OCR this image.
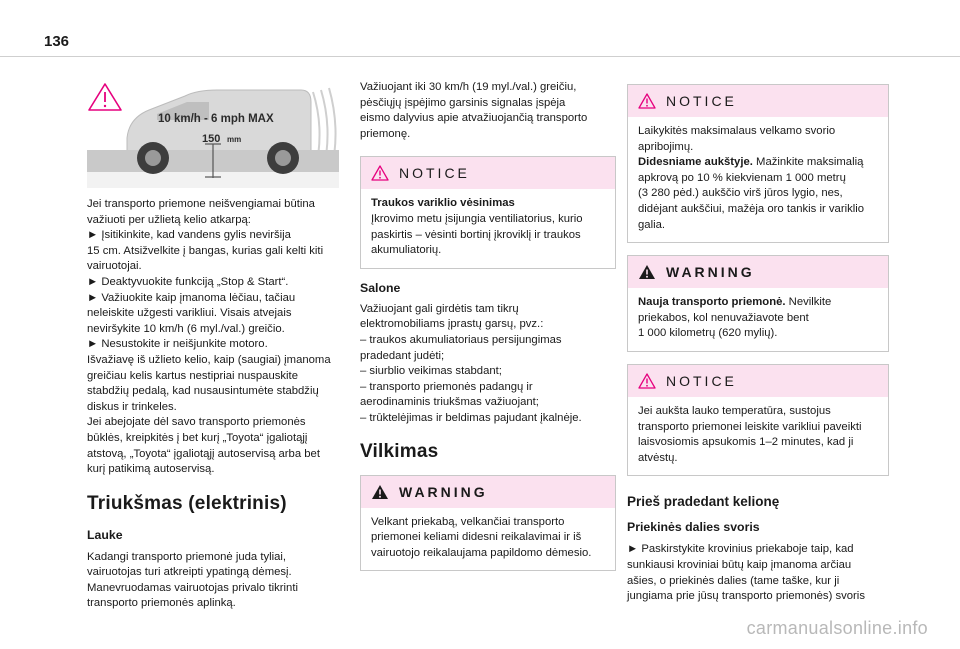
136
10 km/h - 6 mph MAX
150 mm
Jei transporto priemone neišvengiamai būtina
važiuoti per užlietą kelio atkarpą:
► Įsitikinkite, kad vandens gylis neviršija
15 cm. Atsižvelkite į bangas, kurias gali kelti kiti
vairuotojai.
► Deaktyvuokite funkciją „Stop & Start“.
► Važiuokite kaip įmanoma lėčiau, tačiau
neleiskite užgesti varikliui. Visais atvejais
neviršykite 10 km/h (6 myl./val.) greičio.
► Nesustokite ir neišjunkite motoro.
Išvažiavę iš užlieto kelio, kaip (saugiai) įmanoma
greičiau kelis kartus nestipriai nuspauskite
stabdžių pedalą, kad nusausintumėte stabdžių
diskus ir trinkeles.
Jei abejojate dėl savo transporto priemonės
būklės, kreipkitės į bet kurį „Toyota“ įgaliotąjį
atstovą, „Toyota“ įgaliotąjį autoservisą arba bet
kurį patikimą autoservisą.
Triukšmas (elektrinis)
Lauke
Kadangi transporto priemonė juda tyliai,
vairuotojas turi atkreipti ypatingą dėmesį.
Manevruodamas vairuotojas privalo tikrinti
transporto priemonės aplinką.
Važiuojant iki 30 km/h (19 myl./val.) greičiu,
pėsčiųjų įspėjimo garsinis signalas įspėja
eismo dalyvius apie atvažiuojančią transporto
priemonę.
NOTICE
Traukos variklio vėsinimas
Įkrovimo metu įsijungia ventiliatorius, kurio
paskirtis – vėsinti bortinį įkroviklį ir traukos
akumuliatorių.
Salone
Važiuojant gali girdėtis tam tikrų
elektromobiliams įprastų garsų, pvz.:
– traukos akumuliatoriaus persijungimas
pradedant judėti;
– siurblio veikimas stabdant;
– transporto priemonės padangų ir
aerodinaminis triukšmas važiuojant;
– trūktelėjimas ir beldimas pajudant įkalnėje.
Vilkimas
WARNING
Velkant priekabą, velkančiai transporto
priemonei keliami didesni reikalavimai ir iš
vairuotojo reikalaujama papildomo dėmesio.
NOTICE
Laikykitės maksimalaus velkamo svorio
apribojimų.
Didesniame aukštyje. Mažinkite maksimalią
apkrovą po 10 % kiekvienam 1 000 metrų
(3 280 pėd.) aukščio virš jūros lygio, nes,
didėjant aukščiui, mažėja oro tankis ir variklio
galia.
WARNING
Nauja transporto priemonė. Nevilkite
priekabos, kol nenuvažiavote bent
1 000 kilometrų (620 mylių).
NOTICE
Jei aukšta lauko temperatūra, sustojus
transporto priemonei leiskite varikliui paveikti
laisvosiomis apsukomis 1–2 minutes, kad ji
atvėstų.
Prieš pradedant kelionę
Priekinės dalies svoris
► Paskirstykite krovinius priekaboje taip, kad
sunkiausi kroviniai būtų kaip įmanoma arčiau
ašies, o priekinės dalies (tame taške, kur ji
jungiama prie jūsų transporto priemonės) svoris
carmanualsonline.info
